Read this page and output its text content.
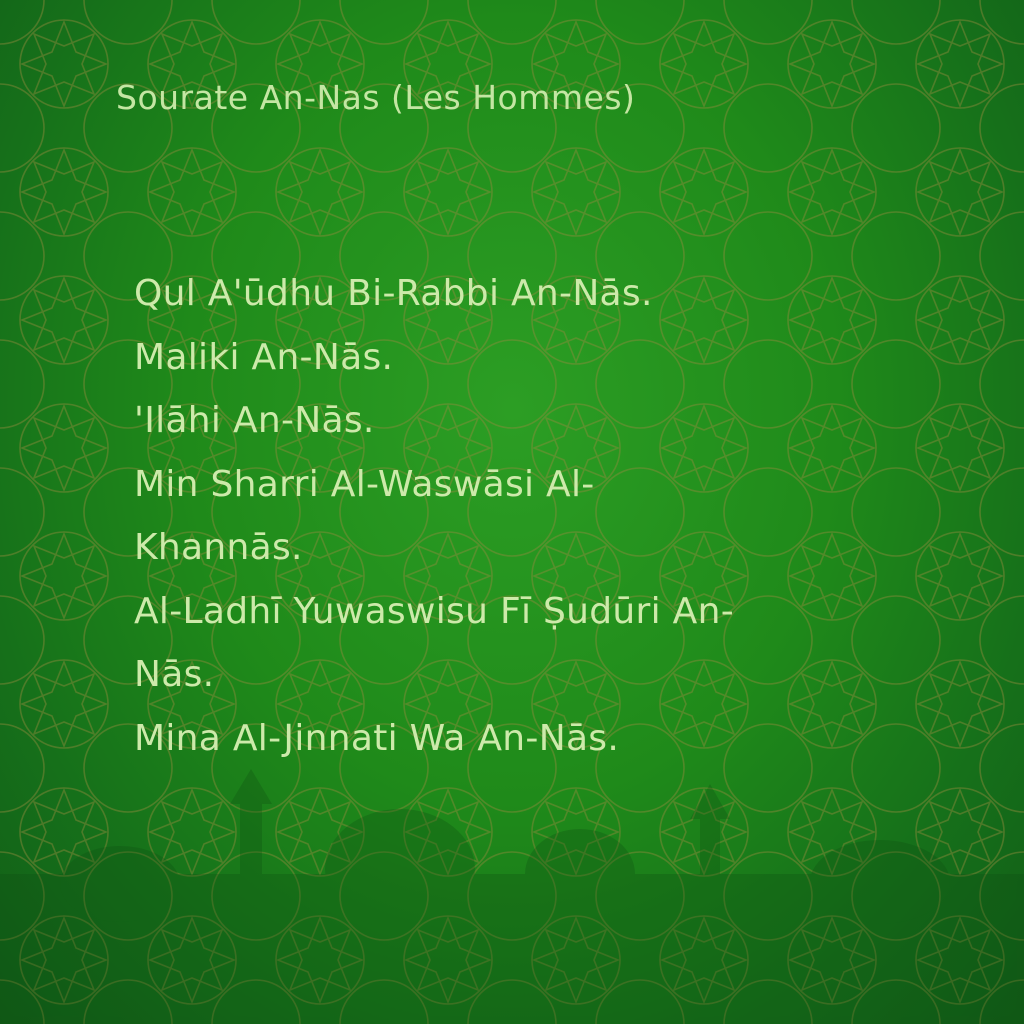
Sourate An-Nas (Les Hommes)
Qul A'ūdhu Bi-Rabbi An-Nās.
Maliki An-Nās.
'Ilāhi An-Nās.
Min Sharri Al-Waswāsi Al-
Khannās.
Al-Ladhī Yuwaswisu Fī Ṣudūri An-
Nās.
Mina Al-Jinnati Wa An-Nās.
